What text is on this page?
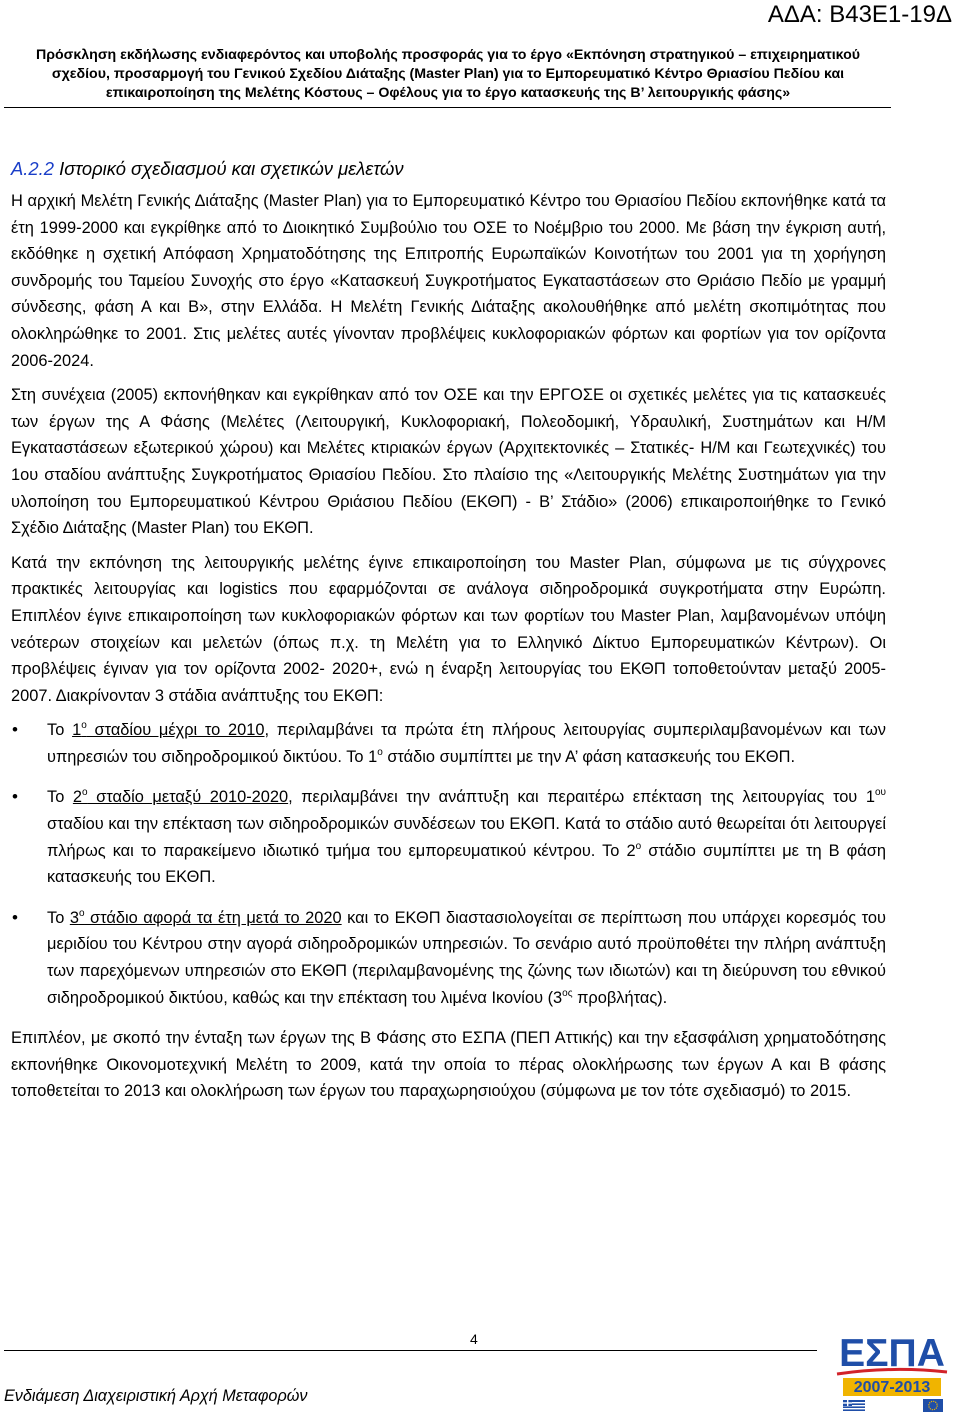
ΑΔΑ: Β43Ε1-19Δ
Πρόσκληση εκδήλωσης ενδιαφερόντος και υποβολής προσφοράς για το έργο «Εκπόνηση στρατηγικού – επιχειρηματικού
σχεδίου, προσαρμογή του Γενικού Σχεδίου Διάταξης (Master Plan) για το Εμπορευματικό Κέντρο Θριασίου Πεδίου και
επικαιροποίηση της Μελέτης Κόστους – Οφέλους για το έργο κατασκευής της Β’ λειτουργικής φάσης»
Α.2.2 Ιστορικό σχεδιασμού και σχετικών μελετών

Η αρχική Μελέτη Γενικής Διάταξης (Master Plan) για το Εμπορευματικό Κέντρο του Θριασίου Πεδίου εκπονήθηκε κατά τα έτη 1999-2000 και εγκρίθηκε από το Διοικητικό Συμβούλιο του ΟΣΕ το Νοέμβριο του 2000. Με βάση την έγκριση αυτή, εκδόθηκε η σχετική Απόφαση Χρηματοδότησης της Επιτροπής Ευρωπαϊκών Κοινοτήτων του 2001 για τη χορήγηση συνδρομής του Ταμείου Συνοχής στο έργο «Κατασκευή Συγκροτήματος Εγκαταστάσεων στο Θριάσιο Πεδίο με γραμμή σύνδεσης, φάση Α και Β», στην Ελλάδα. Η Μελέτη Γενικής Διάταξης ακολουθήθηκε από μελέτη σκοπιμότητας που ολοκληρώθηκε το 2001. Στις μελέτες αυτές γίνονταν προβλέψεις κυκλοφοριακών φόρτων και φορτίων για τον ορίζοντα 2006-2024.

Στη συνέχεια (2005) εκπονήθηκαν και εγκρίθηκαν από τον ΟΣΕ και την ΕΡΓΟΣΕ οι σχετικές μελέτες για τις κατασκευές των έργων της Α Φάσης (Μελέτες (Λειτουργική, Κυκλοφοριακή, Πολεοδομική, Υδραυλική, Συστημάτων και Η/Μ Εγκαταστάσεων εξωτερικού χώρου) και Μελέτες κτιριακών έργων (Αρχιτεκτονικές – Στατικές- Η/Μ και Γεωτεχνικές) του 1ου σταδίου ανάπτυξης Συγκροτήματος Θριασίου Πεδίου. Στο πλαίσιο της «Λειτουργικής Μελέτης Συστημάτων για την υλοποίηση του Εμπορευματικού Κέντρου Θριάσιου Πεδίου (ΕΚΘΠ) - Β’ Στάδιο» (2006) επικαιροποιήθηκε το Γενικό Σχέδιο Διάταξης (Master Plan) του ΕΚΘΠ.

Κατά την εκπόνηση της λειτουργικής μελέτης έγινε επικαιροποίηση του Master Plan, σύμφωνα με τις σύγχρονες πρακτικές λειτουργίας και logistics που εφαρμόζονται σε ανάλογα σιδηροδρομικά συγκροτήματα στην Ευρώπη. Επιπλέον έγινε επικαιροποίηση των κυκλοφοριακών φόρτων και των φορτίων του Master Plan, λαμβανομένων υπόψη νεότερων στοιχείων και μελετών (όπως π.χ. τη Μελέτη για το Ελληνικό Δίκτυο Εμπορευματικών Κέντρων). Οι προβλέψεις έγιναν για τον ορίζοντα 2002- 2020+, ενώ η έναρξη λειτουργίας του ΕΚΘΠ τοποθετούνταν μεταξύ 2005-2007. Διακρίνονταν 3 στάδια ανάπτυξης του ΕΚΘΠ:

• Το $1^o$ σταδίου μέχρι το 2010, περιλαμβάνει τα πρώτα έτη πλήρους λειτουργίας συμπεριλαμβανομένων και των υπηρεσιών του σιδηροδρομικού δικτύου. Το $1^o$ στάδιο συμπίπτει με την Α’ φάση κατασκευής του ΕΚΘΠ.
• Το $2^o$ σταδίο μεταξύ 2010-2020, περιλαμβάνει την ανάπτυξη και περαιτέρω επέκταση της λειτουργίας του $1^{o\upsilon}$ σταδίου και την επέκταση των σιδηροδρομικών συνδέσεων του ΕΚΘΠ. Κατά το στάδιο αυτό θεωρείται ότι λειτουργεί πλήρως και το παρακείμενο ιδιωτικό τμήμα του εμπορευματικού κέντρου. Το $2^o$ στάδιο συμπίπτει με τη Β φάση κατασκευής του ΕΚΘΠ.
• Το $3^o$ στάδιο αφορά τα έτη μετά το 2020 και το ΕΚΘΠ διαστασιολογείται σε περίπτωση που υπάρχει κορεσμός του μεριδίου του Κέντρου στην αγορά σιδηροδρομικών υπηρεσιών. Το σενάριο αυτό προϋποθέτει την πλήρη ανάπτυξη των παρεχόμενων υπηρεσιών στο ΕΚΘΠ (περιλαμβανομένης της ζώνης των ιδιωτών) και τη διεύρυνση του εθνικού σιδηροδρομικού δικτύου, καθώς και την επέκταση του λιμένα Ικονίου ($3^{o\varsigma}$ προβλήτας).

Επιπλέον, με σκοπό την ένταξη των έργων της Β Φάσης στο ΕΣΠΑ (ΠΕΠ Αττικής) και την εξασφάλιση χρηματοδότησης εκπονήθηκε Οικονομοτεχνική Μελέτη το 2009, κατά την οποία το πέρας ολοκλήρωσης των έργων Α και Β φάσης τοποθετείται το 2013 και ολοκλήρωση των έργων του παραχωρησιούχου (σύμφωνα με τον τότε σχεδιασμό) το 2015.

4
Ενδιάμεση Διαχειριστική Αρχή Μεταφορών
ΕΣΠΑ
2007-2013
